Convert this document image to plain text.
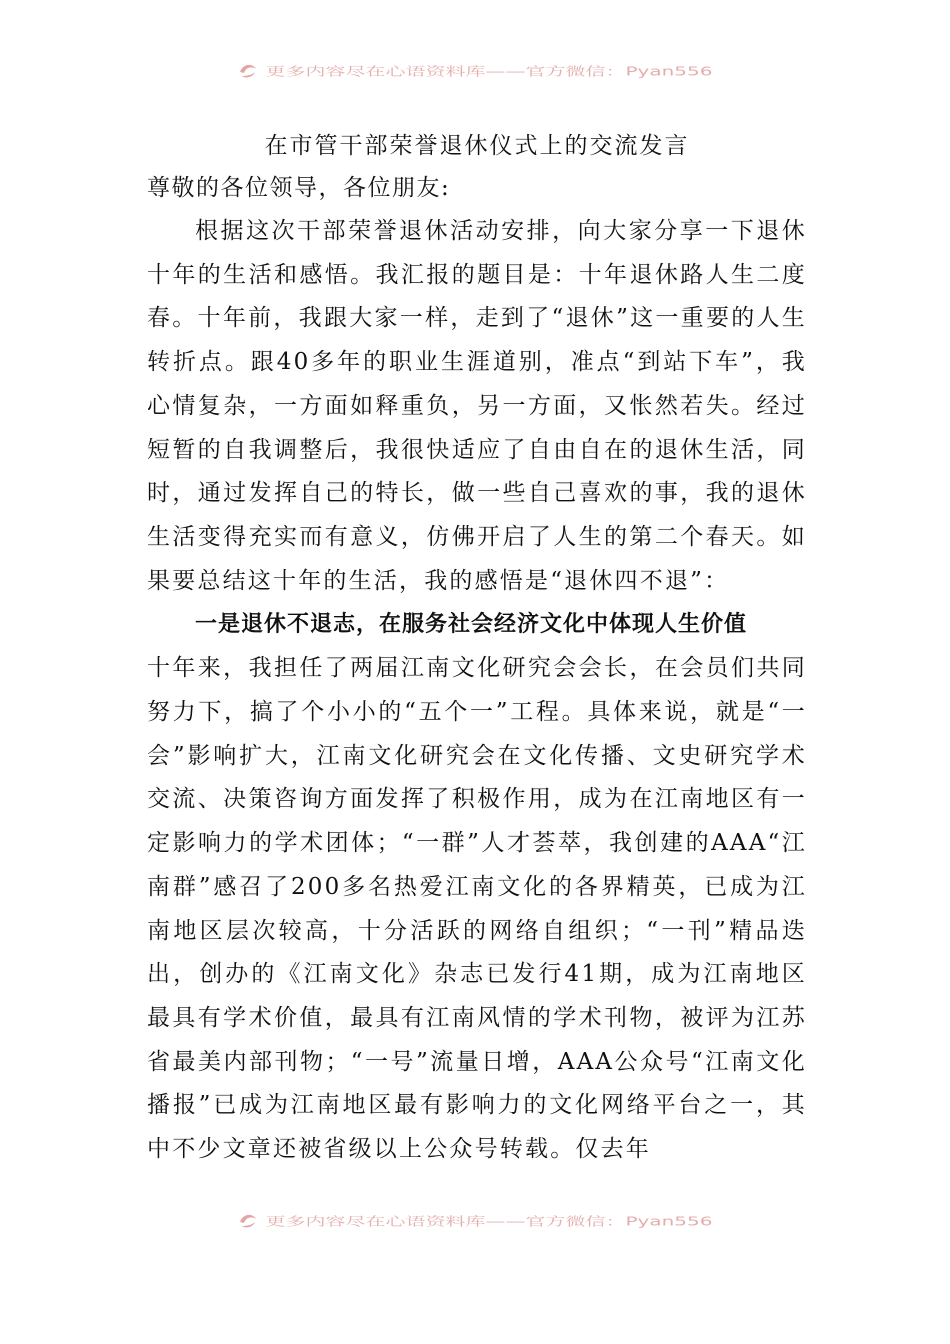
更多内容尽在心语资料库——官方微信：Pyan556

在市管干部荣誉退休仪式上的交流发言

尊敬的各位领导，各位朋友:

根据这次干部荣誉退休活动安排，向大家分享一下退休十年的生活和感悟。我汇报的题目是：十年退休路人生二度春。十年前，我跟大家一样，走到了“退休”这一重要的人生转折点。跟40多年的职业生涯道别，准点“到站下车”，我心情复杂，一方面如释重负，另一方面，又怅然若失。经过短暂的自我调整后，我很快适应了自由自在的退休生活，同时，通过发挥自己的特长，做一些自己喜欢的事，我的退休生活变得充实而有意义，仿佛开启了人生的第二个春天。如果要总结这十年的生活，我的感悟是“退休四不退”：

一是退休不退志，在服务社会经济文化中体现人生价值

十年来，我担任了两届江南文化研究会会长，在会员们共同努力下，搞了个小小的“五个一”工程。具体来说，就是“一会”影响扩大，江南文化研究会在文化传播、文史研究学术交流、决策咨询方面发挥了积极作用，成为在江南地区有一定影响力的学术团体；“一群”人才荟萃，我创建的AAA“江南群”感召了200多名热爱江南文化的各界精英，已成为江南地区层次较高，十分活跃的网络自组织；“一刊”精品迭出，创办的《江南文化》杂志已发行41期，成为江南地区最具有学术价值，最具有江南风情的学术刊物，被评为江苏省最美内部刊物；“一号”流量日增，AAA公众号“江南文化播报”已成为江南地区最有影响力的文化网络平台之一，其中不少文章还被省级以上公众号转载。仅去年

更多内容尽在心语资料库——官方微信：Pyan556
